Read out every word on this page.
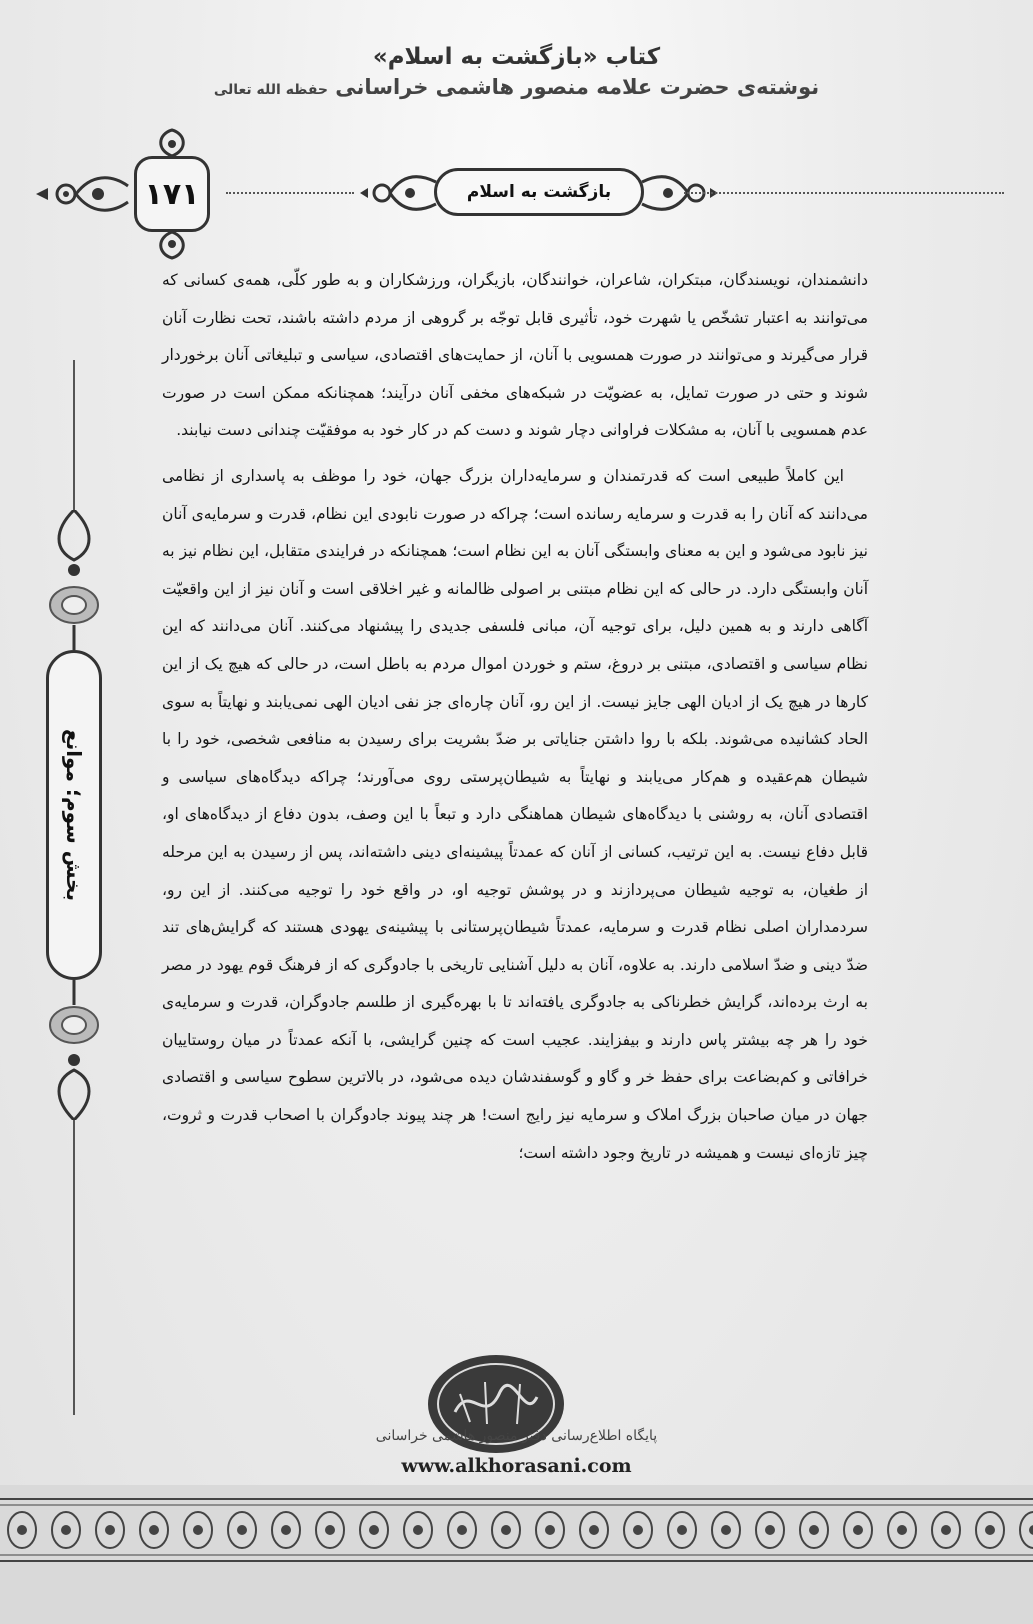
کتاب «بازگشت به اسلام»
نوشته‌ی حضرت علامه منصور هاشمی خراسانی حفظه الله تعالی
۱۷۱	بازگشت به اسلام

دانشمندان، نویسندگان، مبتکران، شاعران، خوانندگان، بازیگران، ورزشکاران و به طور کلّی، همه‌ی کسانی که می‌توانند به اعتبار تشخّص یا شهرت خود، تأثیری قابل توجّه بر گروهی از مردم داشته باشند، تحت نظارت آنان قرار می‌گیرند و می‌توانند در صورت همسویی با آنان، از حمایت‌های اقتصادی، سیاسی و تبلیغاتی آنان برخوردار شوند و حتی در صورت تمایل، به عضویّت در شبکه‌های مخفی آنان درآیند؛ همچنانکه ممکن است در صورت عدم همسویی با آنان، به مشکلات فراوانی دچار شوند و دست کم در کار خود به موفقیّت چندانی دست نیابند.

این کاملاً طبیعی است که قدرتمندان و سرمایه‌داران بزرگ جهان، خود را موظف به پاسداری از نظامی می‌دانند که آنان را به قدرت و سرمایه رسانده است؛ چراکه در صورت نابودی این نظام، قدرت و سرمایه‌ی آنان نیز نابود می‌شود و این به معنای وابستگی آنان به این نظام است؛ همچنانکه در فرایندی متقابل، این نظام نیز به آنان وابستگی دارد. در حالی که این نظام مبتنی بر اصولی ظالمانه و غیر اخلاقی است و آنان نیز از این واقعیّت آگاهی دارند و به همین دلیل، برای توجیه آن، مبانی فلسفی جدیدی را پیشنهاد می‌کنند. آنان می‌دانند که این نظام سیاسی و اقتصادی، مبتنی بر دروغ، ستم و خوردن اموال مردم به باطل است، در حالی که هیچ یک از این کارها در هیچ یک از ادیان الهی جایز نیست. از این رو، آنان چاره‌ای جز نفی ادیان الهی نمی‌یابند و نهایتاً به سوی الحاد کشانیده می‌شوند. بلکه با روا داشتن جنایاتی بر ضدّ بشریت برای رسیدن به منافعی شخصی، خود را با شیطان هم‌عقیده و هم‌کار می‌یابند و نهایتاً به شیطان‌پرستی روی می‌آورند؛ چراکه دیدگاه‌های سیاسی و اقتصادی آنان، به روشنی با دیدگاه‌های شیطان هماهنگی دارد و تبعاً با این وصف، بدون دفاع از دیدگاه‌های او، قابل دفاع نیست. به این ترتیب، کسانی از آنان که عمدتاً پیشینه‌ای دینی داشته‌اند، پس از رسیدن به این مرحله از طغیان، به توجیه شیطان می‌پردازند و در پوشش توجیه او، در واقع خود را توجیه می‌کنند. از این رو، سردمداران اصلی نظام قدرت و سرمایه، عمدتاً شیطان‌پرستانی با پیشینه‌ی یهودی هستند که گرایش‌های تند ضدّ دینی و ضدّ اسلامی دارند. به علاوه، آنان به دلیل آشنایی تاریخی با جادوگری که از فرهنگ قوم یهود در مصر به ارث برده‌اند، گرایش خطرناکی به جادوگری یافته‌اند تا با بهره‌گیری از طلسم جادوگران، قدرت و سرمایه‌ی خود را هر چه بیشتر پاس دارند و بیفزایند. عجیب است که چنین گرایشی، با آنکه عمدتاً در میان روستاییان خرافاتی و کم‌بضاعت برای حفظ خر و گاو و گوسفندشان دیده می‌شود، در بالاترین سطوح سیاسی و اقتصادی جهان در میان صاحبان بزرگ املاک و سرمایه نیز رایج است! هر چند پیوند جادوگران با اصحاب قدرت و ثروت، چیز تازه‌ای نیست و همیشه در تاریخ وجود داشته است؛

بخش سوم؛ موانع
پایگاه اطلاع‌رسانی دفتر منصور هاشمی خراسانی
www.alkhorasani.com
